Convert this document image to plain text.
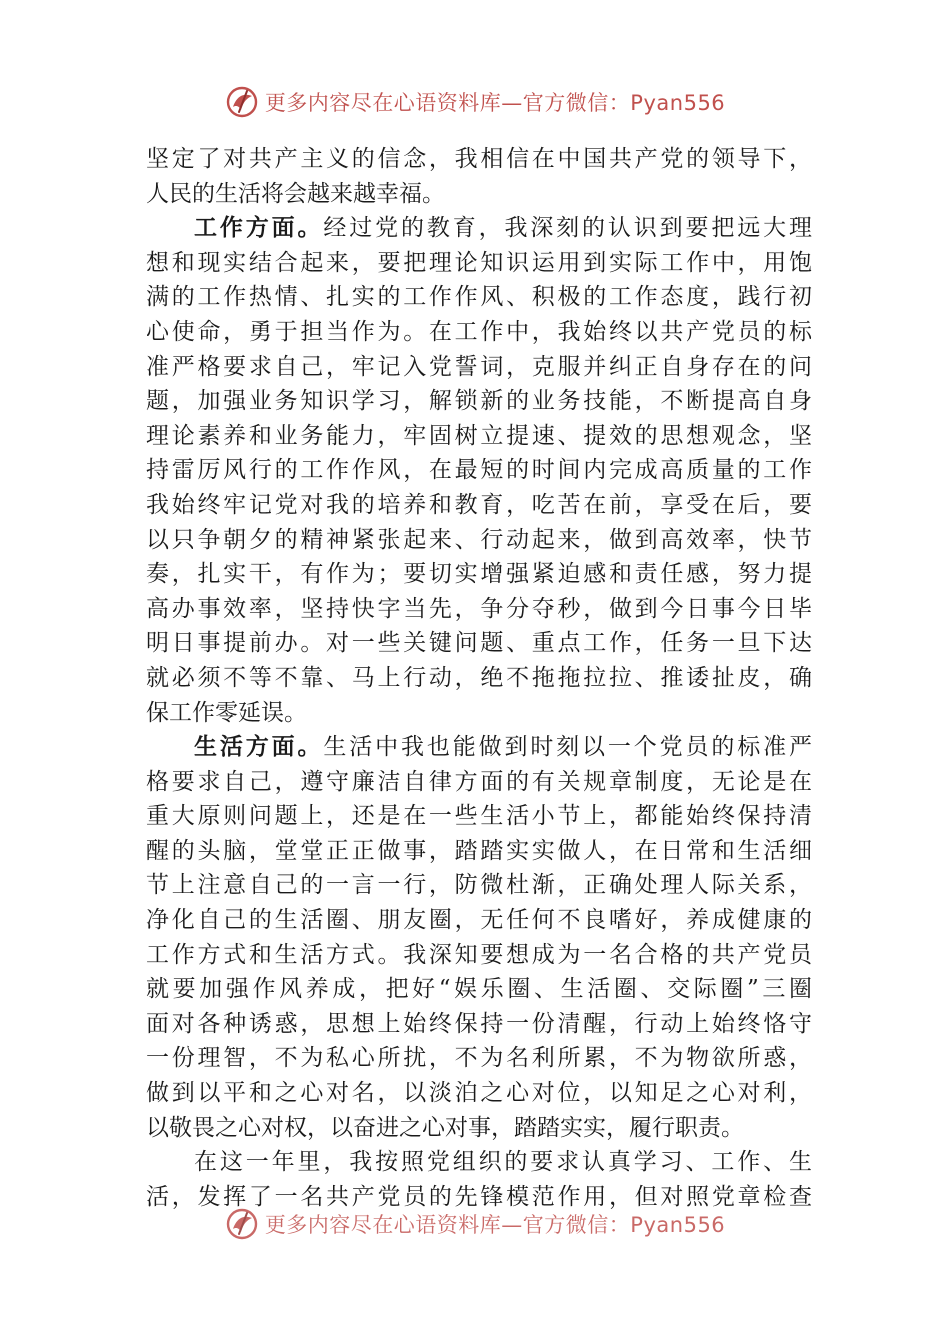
更多内容尽在心语资料库—官方微信：Pyan556
坚定了对共产主义的信念，我相信在中国共产党的领导下，
人民的生活将会越来越幸福。
工作方面。经过党的教育，我深刻的认识到要把远大理
想和现实结合起来，要把理论知识运用到实际工作中，用饱
满的工作热情、扎实的工作作风、积极的工作态度，践行初
心使命，勇于担当作为。在工作中，我始终以共产党员的标
准严格要求自己，牢记入党誓词，克服并纠正自身存在的问
题，加强业务知识学习，解锁新的业务技能，不断提高自身
理论素养和业务能力，牢固树立提速、提效的思想观念，坚
持雷厉风行的工作作风，在最短的时间内完成高质量的工作
我始终牢记党对我的培养和教育，吃苦在前，享受在后，要
以只争朝夕的精神紧张起来、行动起来，做到高效率，快节
奏，扎实干，有作为；要切实增强紧迫感和责任感，努力提
高办事效率，坚持快字当先，争分夺秒，做到今日事今日毕
明日事提前办。对一些关键问题、重点工作，任务一旦下达
就必须不等不靠、马上行动，绝不拖拖拉拉、推诿扯皮，确
保工作零延误。
生活方面。生活中我也能做到时刻以一个党员的标准严
格要求自己，遵守廉洁自律方面的有关规章制度，无论是在
重大原则问题上，还是在一些生活小节上，都能始终保持清
醒的头脑，堂堂正正做事，踏踏实实做人，在日常和生活细
节上注意自己的一言一行，防微杜渐，正确处理人际关系，
净化自己的生活圈、朋友圈，无任何不良嗜好，养成健康的
工作方式和生活方式。我深知要想成为一名合格的共产党员
就要加强作风养成，把好“娱乐圈、生活圈、交际圈”三圈
面对各种诱惑，思想上始终保持一份清醒，行动上始终恪守
一份理智，不为私心所扰，不为名利所累，不为物欲所惑，
做到以平和之心对名，以淡泊之心对位，以知足之心对利，
以敬畏之心对权，以奋进之心对事，踏踏实实，履行职责。
在这一年里，我按照党组织的要求认真学习、工作、生
活，发挥了一名共产党员的先锋模范作用，但对照党章检查
更多内容尽在心语资料库—官方微信：Pyan556
